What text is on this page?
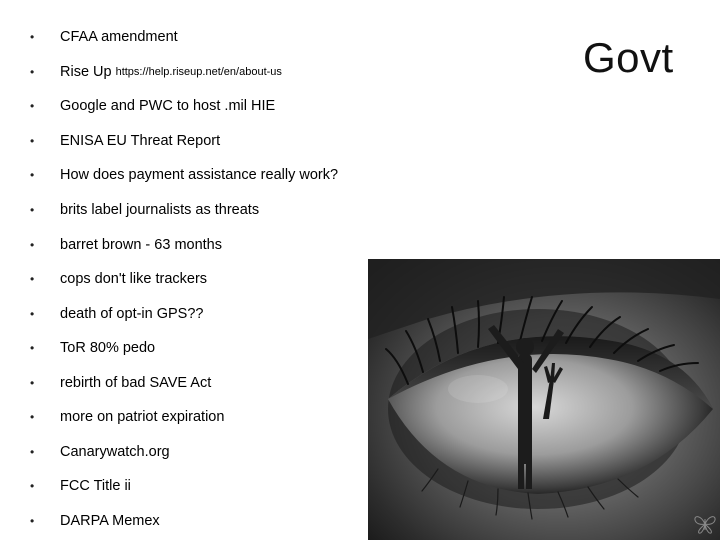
Govt
•	CFAA amendment
•	Rise Up https://help.riseup.net/en/about-us
•	Google and PWC to host .mil HIE
•	ENISA EU Threat Report
•	How does payment assistance really work?
•	brits label journalists as threats
•	barret brown - 63 months
•	cops don't like trackers
•	death of opt-in GPS??
•	ToR 80% pedo
•	rebirth of bad SAVE Act
•	more on patriot expiration
•	Canarywatch.org
•	FCC Title ii
•	DARPA Memex
